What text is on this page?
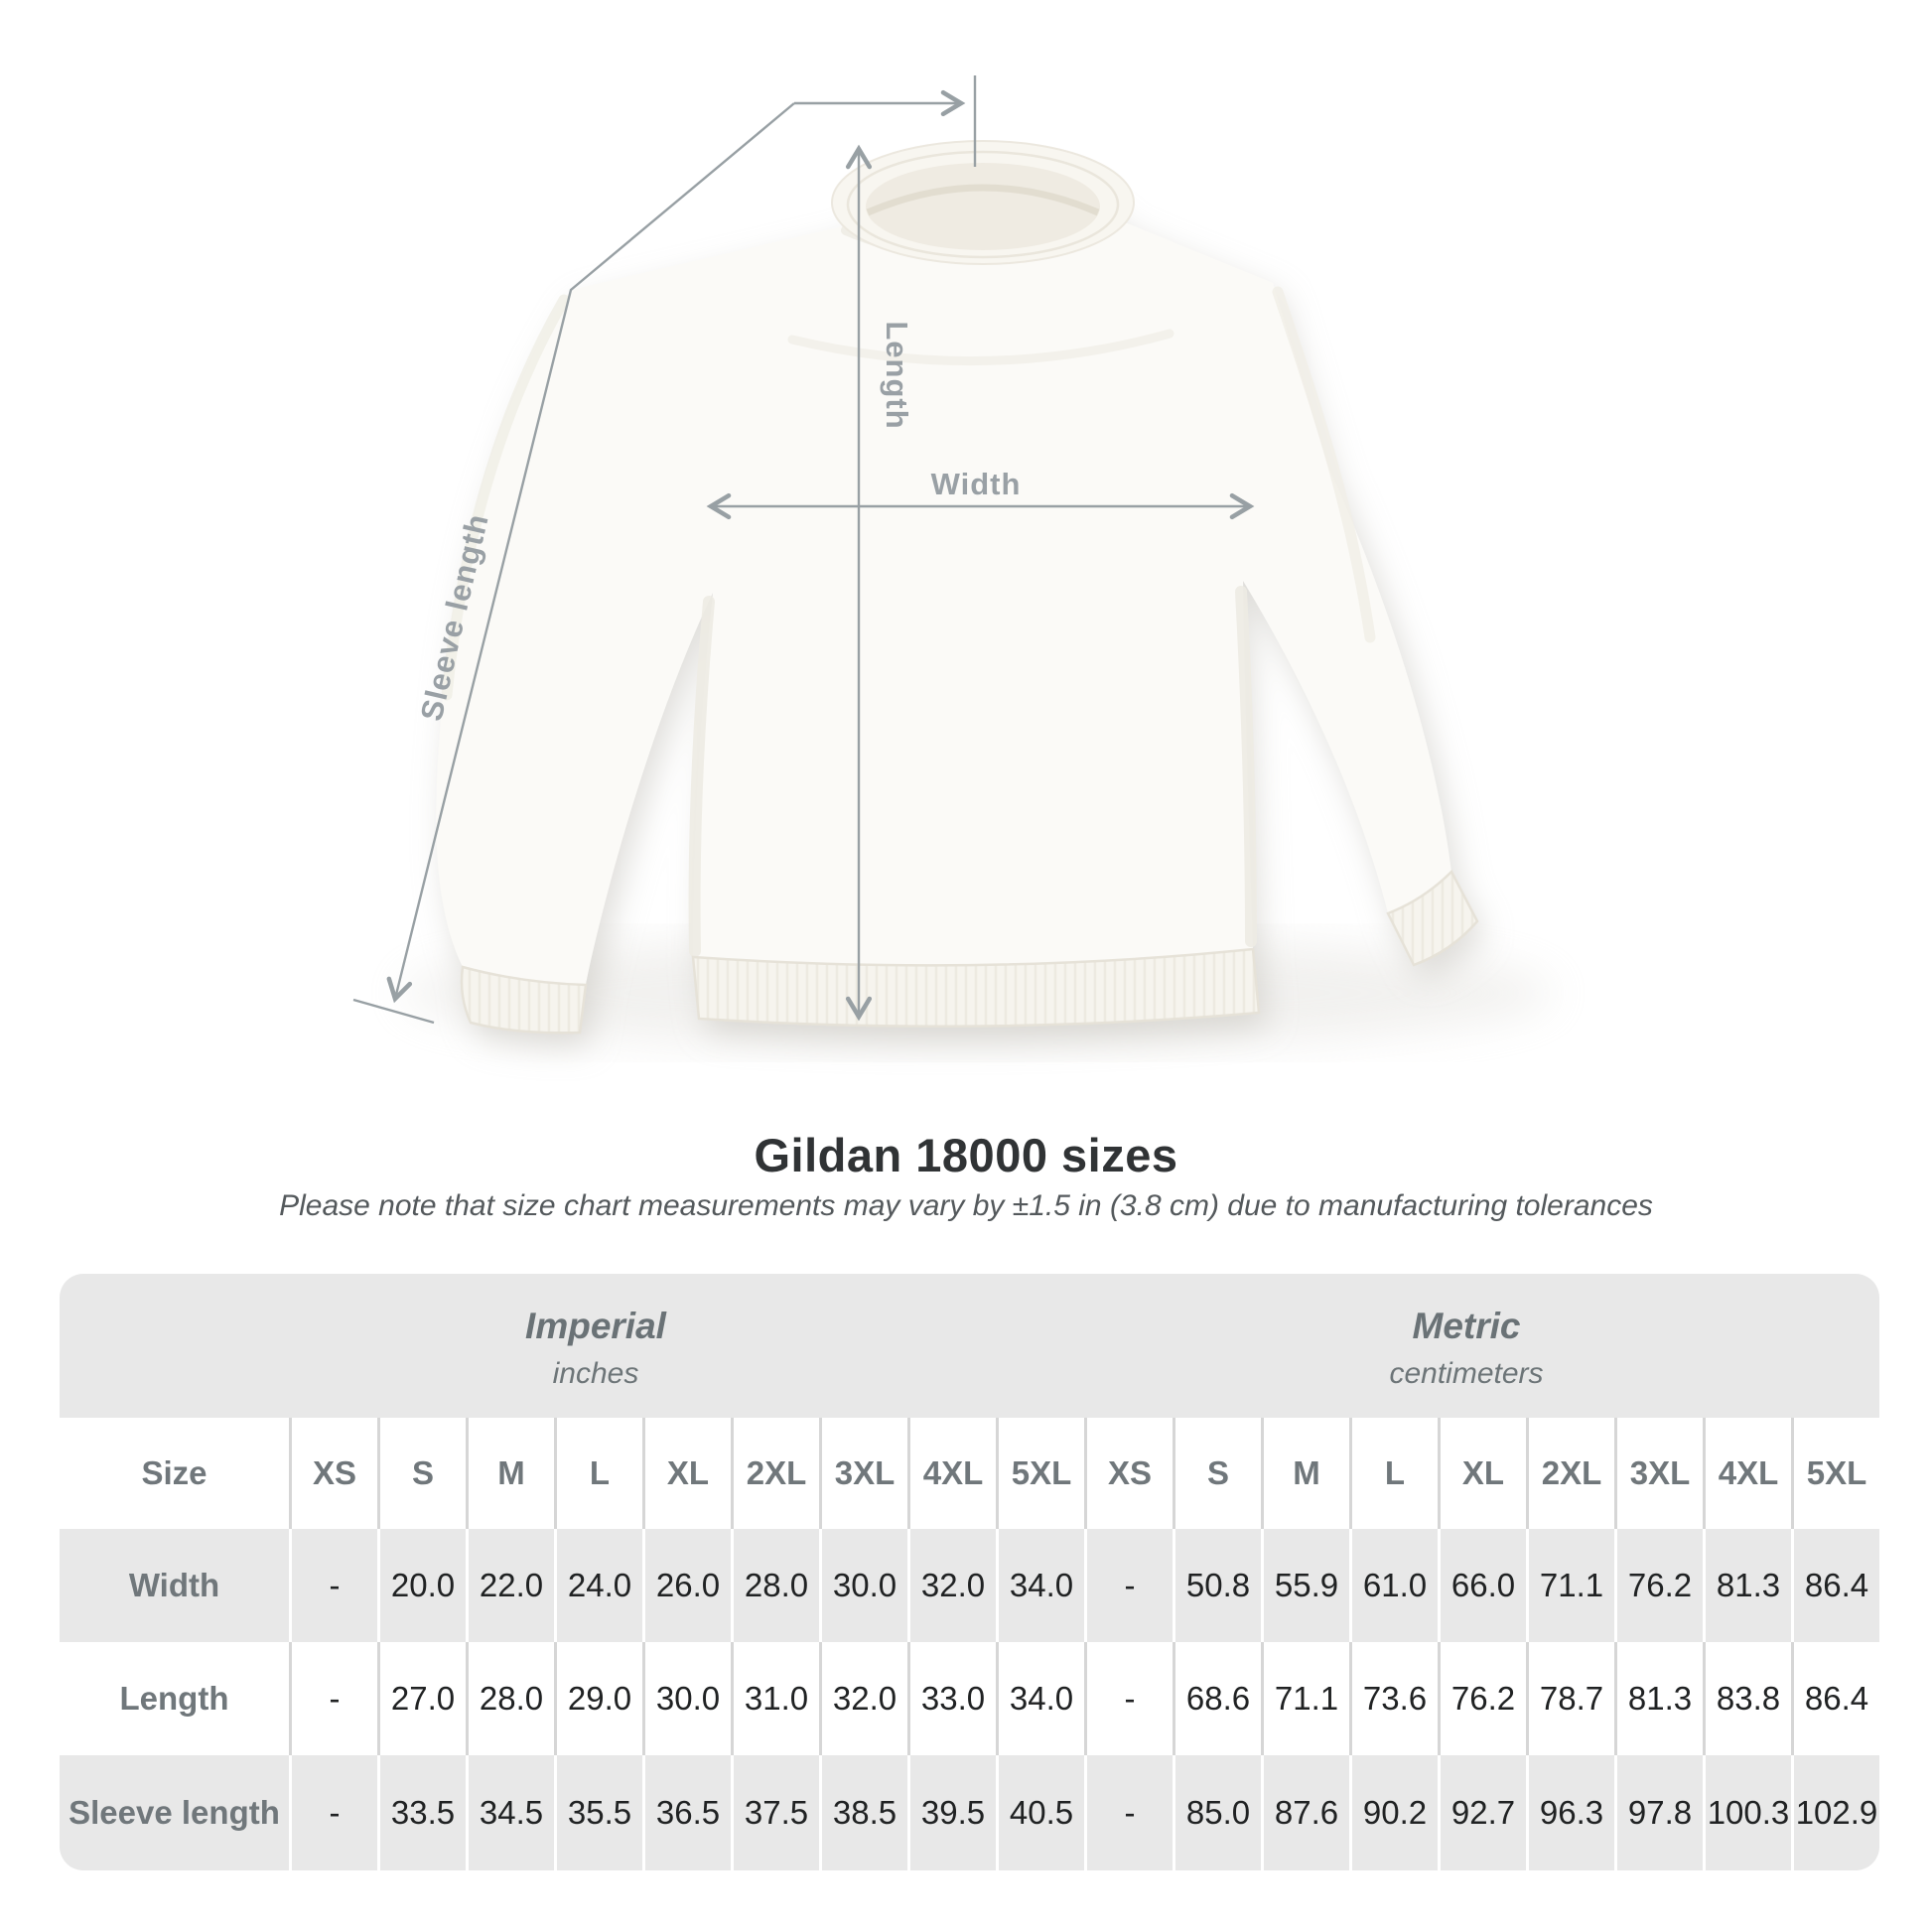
Length
Width
Sleeve length
Gildan 18000 sizes

Please note that size chart measurements may vary by ±1.5 in (3.8 cm) due to manufacturing tolerances

Imperial
inches
Metric
centimeters
Size	XS	S	M	L	XL	2XL 3XL 4XL 5XL	XS	S	M	L	XL	2XL 3XL 4XL 5XL
Width	-	20.0 22.0 24.0 26.0 28.0 30.0 32.0 34.0	-	50.8 55.9 61.0 66.0 71.1 76.2 81.3 86.4
Length	-	27.0 28.0 29.0 30.0 31.0 32.0 33.0 34.0	-	68.6 71.1 73.6 76.2 78.7 81.3 83.8 86.4
Sleeve length	-	33.5 34.5 35.5 36.5 37.5 38.5 39.5 40.5	-	85.0 87.6 90.2 92.7 96.3 97.8 100.3 102.9
